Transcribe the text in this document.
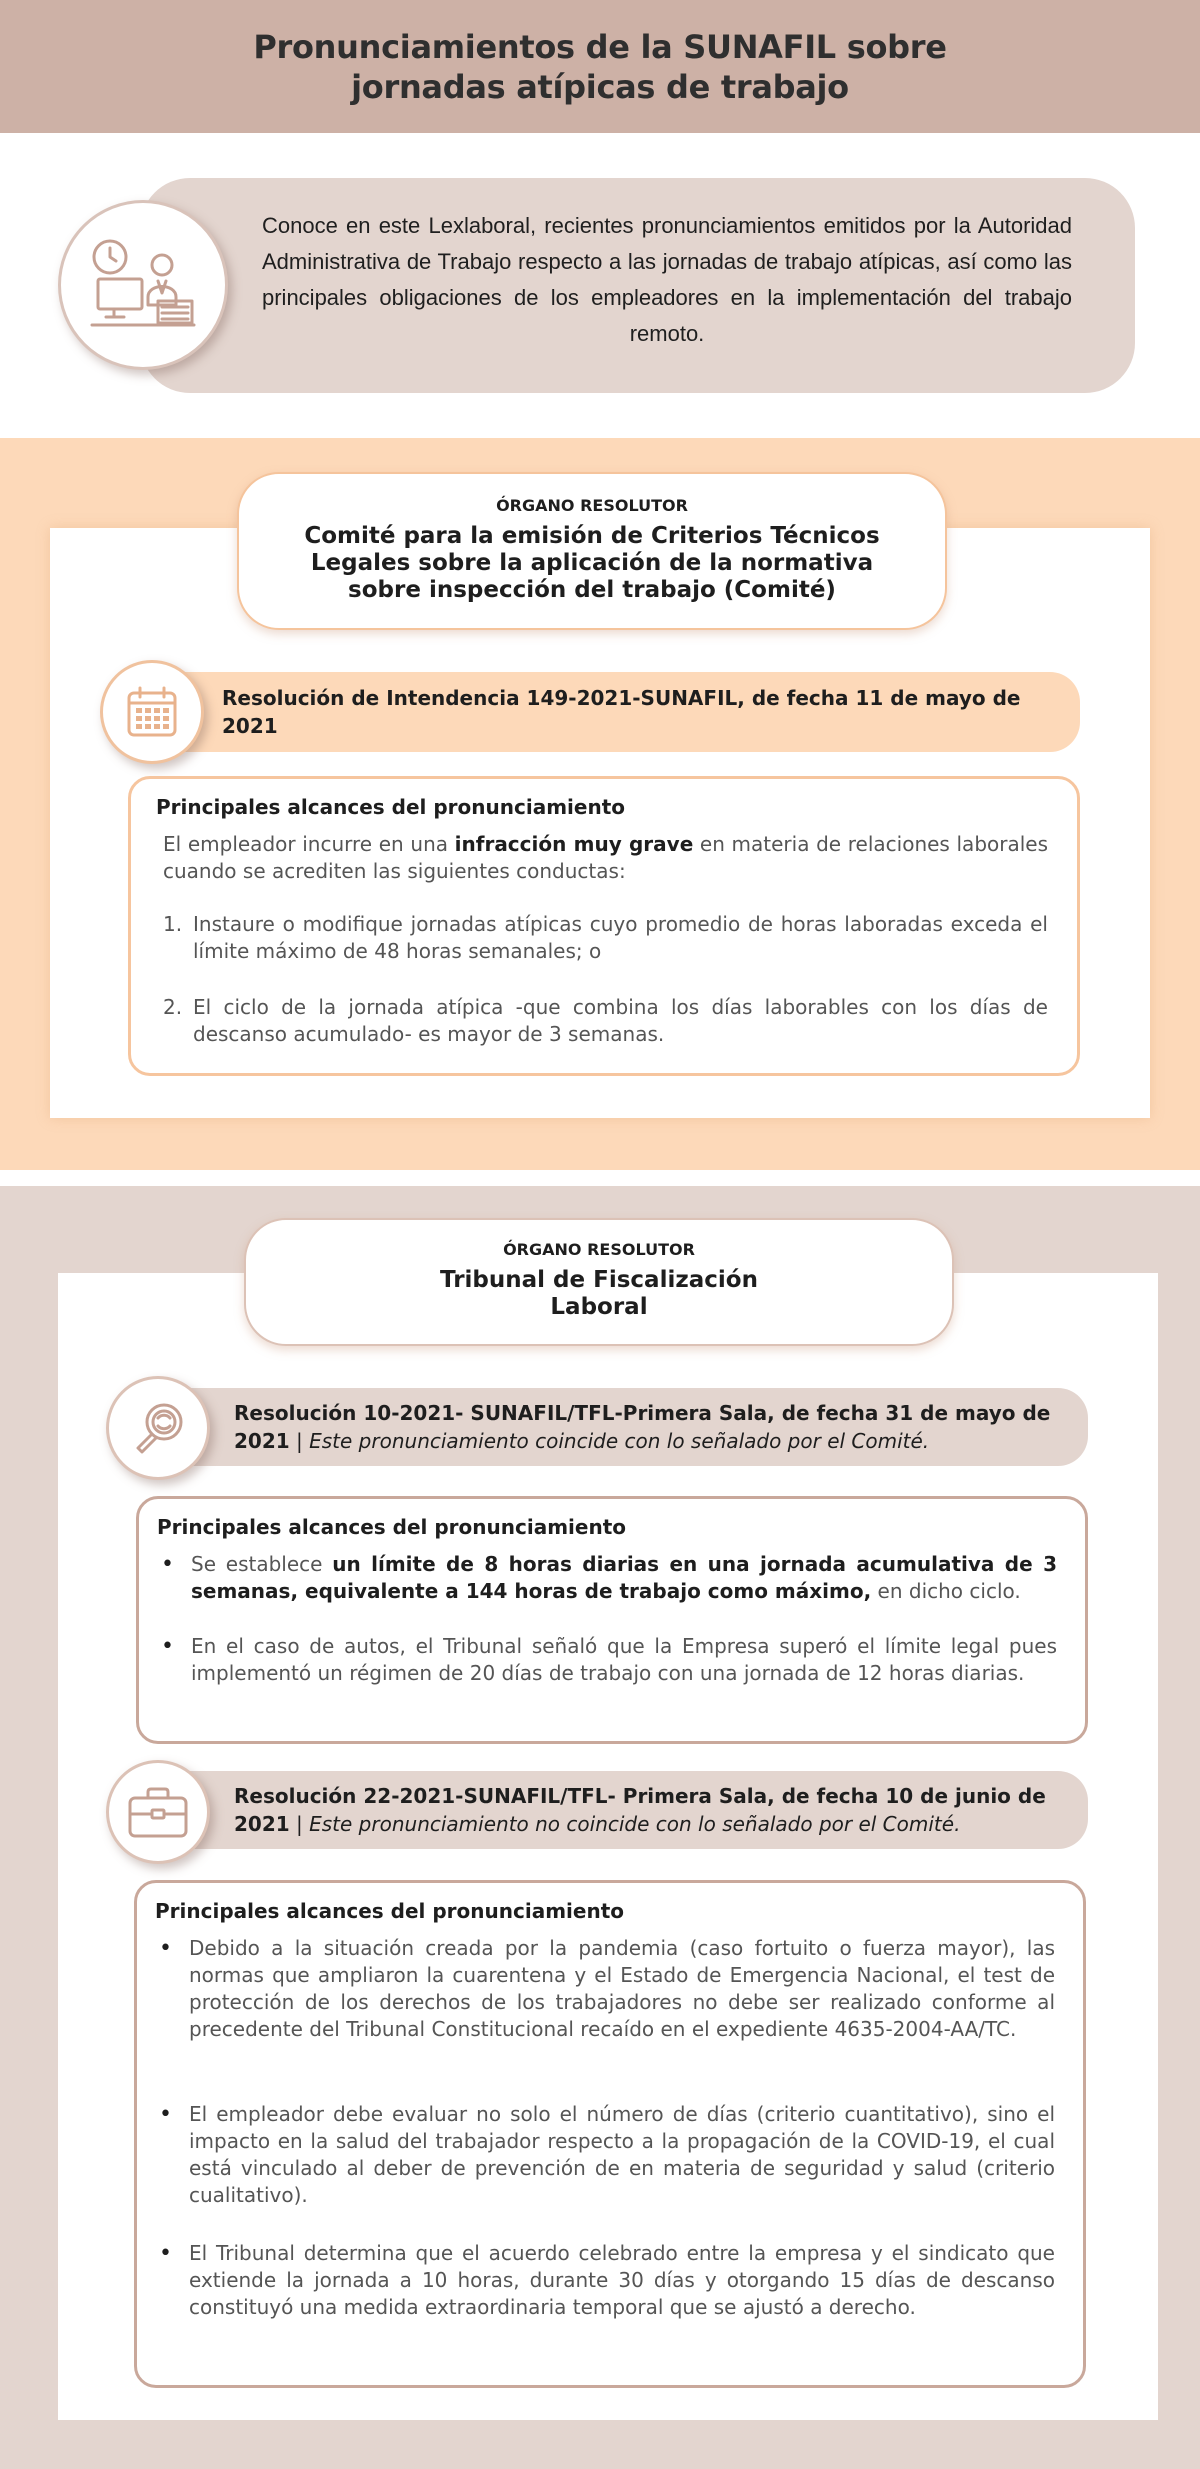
Pronunciamientos de la SUNAFIL sobre
jornadas atípicas de trabajo
Conoce en este Lexlaboral, recientes pronunciamientos emitidos por la Autoridad Administrativa de Trabajo respecto a las jornadas de trabajo atípicas, así como las principales obligaciones de los empleadores en la implementación del trabajo remoto.
ÓRGANO RESOLUTOR
Comité para la emisión de Criterios Técnicos Legales sobre la aplicación de la normativa sobre inspección del trabajo (Comité)
Resolución de Intendencia 149-2021-SUNAFIL, de fecha 11 de mayo de 2021
Principales alcances del pronunciamiento
El empleador incurre en una infracción muy grave en materia de relaciones laborales cuando se acrediten las siguientes conductas:
1. Instaure o modifique jornadas atípicas cuyo promedio de horas laboradas exceda el límite máximo de 48 horas semanales; o
2. El ciclo de la jornada atípica -que combina los días laborables con los días de descanso acumulado- es mayor de 3 semanas.
ÓRGANO RESOLUTOR
Tribunal de Fiscalización
Laboral
Resolución 10-2021- SUNAFIL/TFL-Primera Sala, de fecha 31 de mayo de 2021 | Este pronunciamiento coincide con lo señalado por el Comité.
Principales alcances del pronunciamiento
• Se establece un límite de 8 horas diarias en una jornada acumulativa de 3 semanas, equivalente a 144 horas de trabajo como máximo, en dicho ciclo.
• En el caso de autos, el Tribunal señaló que la Empresa superó el límite legal pues implementó un régimen de 20 días de trabajo con una jornada de 12 horas diarias.
Resolución 22-2021-SUNAFIL/TFL- Primera Sala, de fecha 10 de junio de 2021 | Este pronunciamiento no coincide con lo señalado por el Comité.
Principales alcances del pronunciamiento
• Debido a la situación creada por la pandemia (caso fortuito o fuerza mayor), las normas que ampliaron la cuarentena y el Estado de Emergencia Nacional, el test de protección de los derechos de los trabajadores no debe ser realizado conforme al precedente del Tribunal Constitucional recaído en el expediente 4635-2004-AA/TC.
• El empleador debe evaluar no solo el número de días (criterio cuantitativo), sino el impacto en la salud del trabajador respecto a la propagación de la COVID-19, el cual está vinculado al deber de prevención de en materia de seguridad y salud (criterio cualitativo).
• El Tribunal determina que el acuerdo celebrado entre la empresa y el sindicato que extiende la jornada a 10 horas, durante 30 días y otorgando 15 días de descanso constituyó una medida extraordinaria temporal que se ajustó a derecho.
